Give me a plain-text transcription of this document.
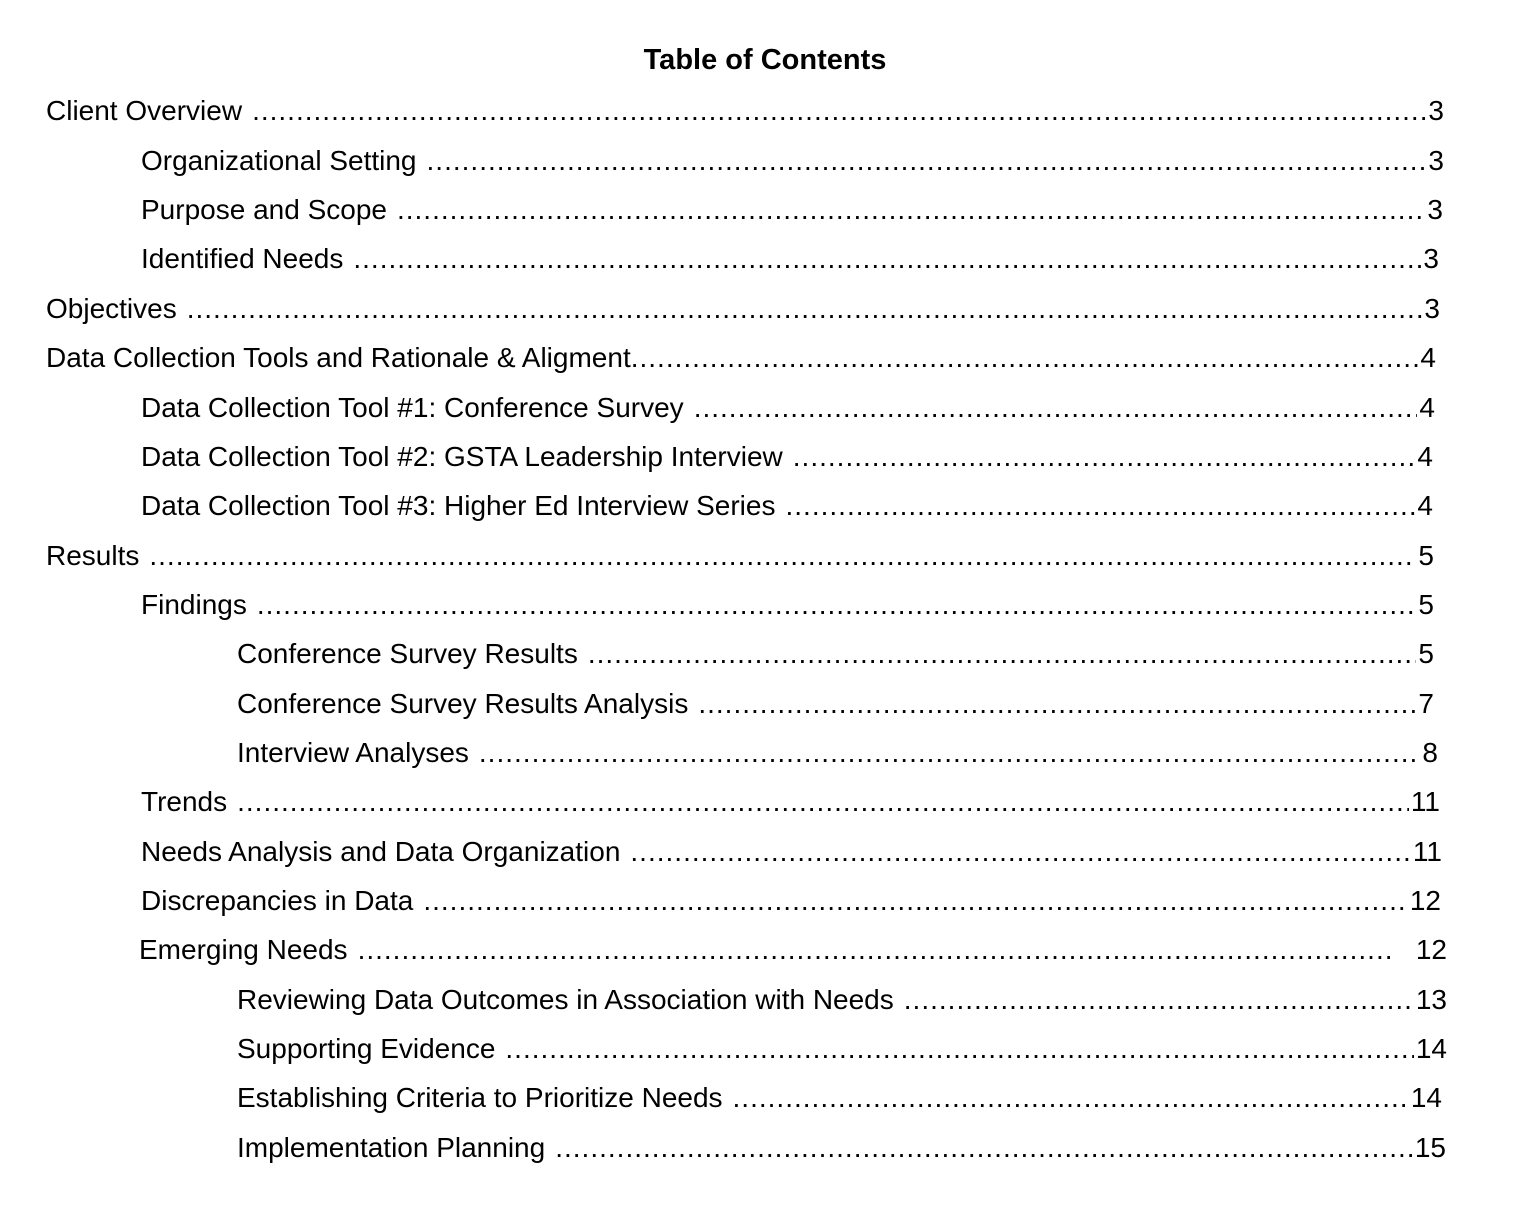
Table of Contents
Client Overview .....	3
Organizational Setting .....	3
Purpose and Scope .....	3
Identified Needs .....	3
Objectives .....	3
Data Collection Tools and Rationale & Aligment .....	4
Data Collection Tool #1: Conference Survey .....	4
Data Collection Tool #2: GSTA Leadership Interview .....	4
Data Collection Tool #3: Higher Ed Interview Series .....	4
Results .....	5
Findings .....	5
Conference Survey Results .....	5
Conference Survey Results Analysis .....	7
Interview Analyses .....	8
Trends .....	11
Needs Analysis and Data Organization .....	11
Discrepancies in Data .....	12
Emerging Needs .....	12
Reviewing Data Outcomes in Association with Needs .....	13
Supporting Evidence .....	14
Establishing Criteria to Prioritize Needs .....	14
Implementation Planning .....	15
